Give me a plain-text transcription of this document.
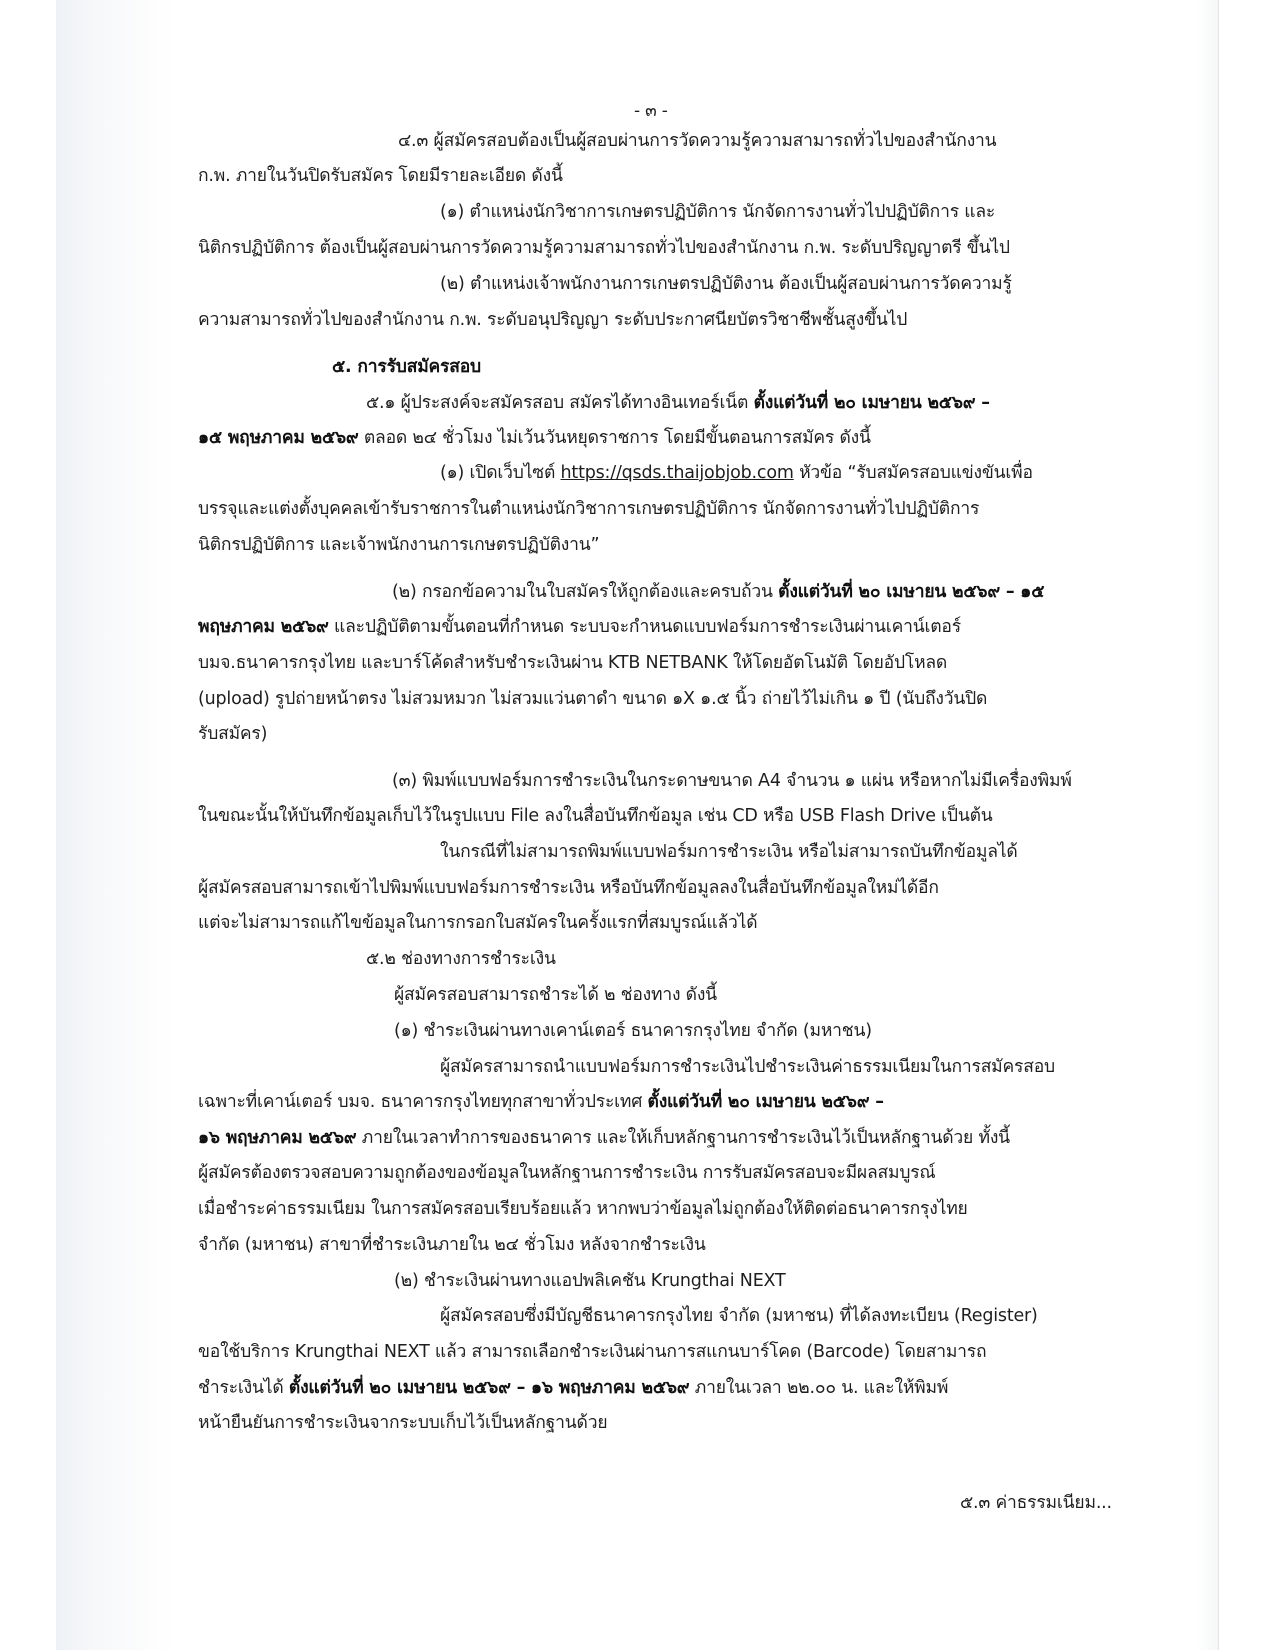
- ๓ -
๔.๓ ผู้สมัครสอบต้องเป็นผู้สอบผ่านการวัดความรู้ความสามารถทั่วไปของสำนักงาน
ก.พ. ภายในวันปิดรับสมัคร โดยมีรายละเอียด ดังนี้
(๑) ตำแหน่งนักวิชาการเกษตรปฏิบัติการ นักจัดการงานทั่วไปปฏิบัติการ และ
นิติกรปฏิบัติการ ต้องเป็นผู้สอบผ่านการวัดความรู้ความสามารถทั่วไปของสำนักงาน ก.พ. ระดับปริญญาตรี ขึ้นไป
(๒) ตำแหน่งเจ้าพนักงานการเกษตรปฏิบัติงาน ต้องเป็นผู้สอบผ่านการวัดความรู้
ความสามารถทั่วไปของสำนักงาน ก.พ. ระดับอนุปริญญา ระดับประกาศนียบัตรวิชาชีพชั้นสูงขึ้นไป
๕. การรับสมัครสอบ
๕.๑ ผู้ประสงค์จะสมัครสอบ สมัครได้ทางอินเทอร์เน็ต ตั้งแต่วันที่ ๒๐ เมษายน ๒๕๖๙ –
๑๕ พฤษภาคม ๒๕๖๙ ตลอด ๒๔ ชั่วโมง ไม่เว้นวันหยุดราชการ โดยมีขั้นตอนการสมัคร ดังนี้
(๑) เปิดเว็บไซต์ https://qsds.thaijobjob.com หัวข้อ “รับสมัครสอบแข่งขันเพื่อ
บรรจุและแต่งตั้งบุคคลเข้ารับราชการในตำแหน่งนักวิชาการเกษตรปฏิบัติการ นักจัดการงานทั่วไปปฏิบัติการ
นิติกรปฏิบัติการ และเจ้าพนักงานการเกษตรปฏิบัติงาน”
(๒) กรอกข้อความในใบสมัครให้ถูกต้องและครบถ้วน ตั้งแต่วันที่ ๒๐ เมษายน ๒๕๖๙ – ๑๕
พฤษภาคม ๒๕๖๙ และปฏิบัติตามขั้นตอนที่กำหนด ระบบจะกำหนดแบบฟอร์มการชำระเงินผ่านเคาน์เตอร์
บมจ.ธนาคารกรุงไทย และบาร์โค้ดสำหรับชำระเงินผ่าน KTB NETBANK ให้โดยอัตโนมัติ โดยอัปโหลด
(upload) รูปถ่ายหน้าตรง ไม่สวมหมวก ไม่สวมแว่นตาดำ ขนาด ๑X ๑.๕ นิ้ว ถ่ายไว้ไม่เกิน ๑ ปี (นับถึงวันปิด
รับสมัคร)
(๓) พิมพ์แบบฟอร์มการชำระเงินในกระดาษขนาด A4 จำนวน ๑ แผ่น หรือหากไม่มีเครื่องพิมพ์
ในขณะนั้นให้บันทึกข้อมูลเก็บไว้ในรูปแบบ File ลงในสื่อบันทึกข้อมูล เช่น CD หรือ USB Flash Drive เป็นต้น
ในกรณีที่ไม่สามารถพิมพ์แบบฟอร์มการชำระเงิน หรือไม่สามารถบันทึกข้อมูลได้
ผู้สมัครสอบสามารถเข้าไปพิมพ์แบบฟอร์มการชำระเงิน หรือบันทึกข้อมูลลงในสื่อบันทึกข้อมูลใหม่ได้อีก
แต่จะไม่สามารถแก้ไขข้อมูลในการกรอกใบสมัครในครั้งแรกที่สมบูรณ์แล้วได้
๕.๒ ช่องทางการชำระเงิน
ผู้สมัครสอบสามารถชำระได้ ๒ ช่องทาง ดังนี้
(๑) ชำระเงินผ่านทางเคาน์เตอร์ ธนาคารกรุงไทย จำกัด (มหาชน)
ผู้สมัครสามารถนำแบบฟอร์มการชำระเงินไปชำระเงินค่าธรรมเนียมในการสมัครสอบ
เฉพาะที่เคาน์เตอร์ บมจ. ธนาคารกรุงไทยทุกสาขาทั่วประเทศ ตั้งแต่วันที่ ๒๐ เมษายน ๒๕๖๙ –
๑๖ พฤษภาคม ๒๕๖๙ ภายในเวลาทำการของธนาคาร และให้เก็บหลักฐานการชำระเงินไว้เป็นหลักฐานด้วย ทั้งนี้
ผู้สมัครต้องตรวจสอบความถูกต้องของข้อมูลในหลักฐานการชำระเงิน การรับสมัครสอบจะมีผลสมบูรณ์
เมื่อชำระค่าธรรมเนียม ในการสมัครสอบเรียบร้อยแล้ว หากพบว่าข้อมูลไม่ถูกต้องให้ติดต่อธนาคารกรุงไทย
จำกัด (มหาชน) สาขาที่ชำระเงินภายใน ๒๔ ชั่วโมง หลังจากชำระเงิน
(๒) ชำระเงินผ่านทางแอปพลิเคชัน Krungthai NEXT
ผู้สมัครสอบซึ่งมีบัญชีธนาคารกรุงไทย จำกัด (มหาชน) ที่ได้ลงทะเบียน (Register)
ขอใช้บริการ Krungthai NEXT แล้ว สามารถเลือกชำระเงินผ่านการสแกนบาร์โคด (Barcode) โดยสามารถ
ชำระเงินได้ ตั้งแต่วันที่ ๒๐ เมษายน ๒๕๖๙ – ๑๖ พฤษภาคม ๒๕๖๙ ภายในเวลา ๒๒.๐๐ น. และให้พิมพ์
หน้ายืนยันการชำระเงินจากระบบเก็บไว้เป็นหลักฐานด้วย
๕.๓ ค่าธรรมเนียม...
